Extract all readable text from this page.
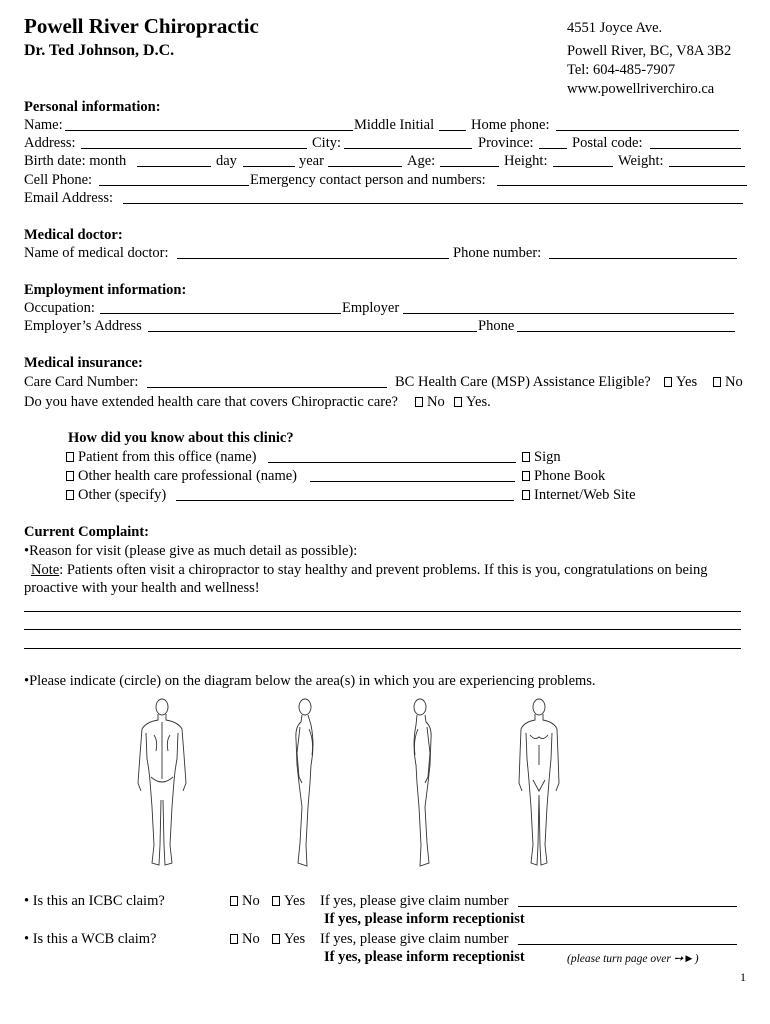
Powell River Chiropractic
Dr. Ted Johnson, D.C.
4551 Joyce Ave.
Powell River, BC, V8A 3B2
Tel: 604-485-7907
www.powellriverchiro.ca
Personal information:
Name:	Middle Initial	Home phone:
Address:	City:	Province:	Postal code:
Birth date: month	day	year	Age:	Height:	Weight:
Cell Phone:	Emergency contact person and numbers:
Email Address:
Medical doctor:
Name of medical doctor:	Phone number:
Employment information:
Occupation:	Employer
Employer’s Address	Phone
Medical insurance:
Care Card Number:	BC Health Care (MSP) Assistance Eligible?	Yes	No
Do you have extended health care that covers Chiropractic care?	No	Yes.
How did you know about this clinic?
Patient from this office (name)	Sign
Other health care professional (name)	Phone Book
Other (specify)	Internet/Web Site
Current Complaint:
•Reason for visit (please give as much detail as possible):
Note: Patients often visit a chiropractor to stay healthy and prevent problems. If this is you, congratulations on being
proactive with your health and wellness!
•Please indicate (circle) on the diagram below the area(s) in which you are experiencing problems.
• Is this an ICBC claim?	No	Yes If yes, please give claim number
If yes, please inform receptionist
• Is this a WCB claim?	No	Yes If yes, please give claim number
If yes, please inform receptionist	(please turn page over ➙►)
1
